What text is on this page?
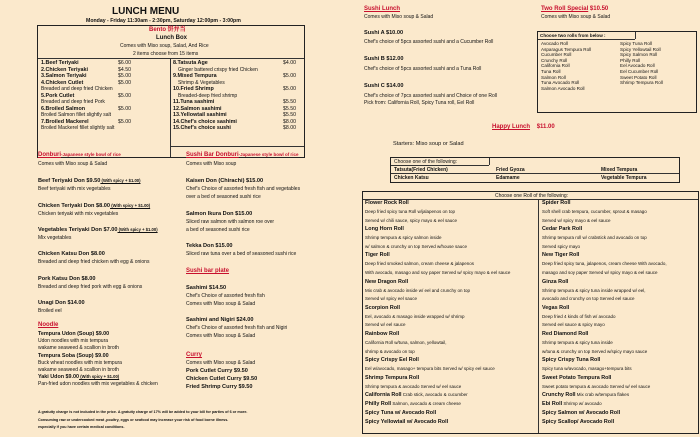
LUNCH MENU
Monday - Friday 11:30am - 2:30pm, Saturday 12:00pm - 3:00pm
Bento 饼弁当
Lunch Box
Comes with Miso soup, Salad, And Rice
2 items choose from 15 items
1.Beef Teriyaki	$6.00
2.Chicken Teriyaki	$4.50
3.Salmon Teriyaki	$5.00
4.Chicken Cutlet	$5.00
Breaded and deep fried Chicken
5.Pork Cutlet	$5.00
Breaded and deep fried Pork
6.Broiled Salmon	$5.00
Broiled Salmon fillet slightly salt
7.Broiled Mackerel	$5.00
Broiled Mackerel fillet slightly salt
8.Tatsuta Age	$4.00
Ginger battered crispy fried Chicken
9.Mixed Tempura	$5.00
Shrimp & Vegetables
10.Fried Shrimp	$5.00
Breaded-deep fried shrimp
11.Tuna sashimi	$5.50
12.Salmon sashimi	$5.50
13.Yellowtail sashimi	$5.50
14.Chef's choice sashimi	$8.00
15.Chef's choice sushi	$8.00
Donburi-Japanese style bowl of rice
Comes with Miso soup & Salad
Beef Teriyaki Don $9.50 (With spicy + $1.00)
Beef teriyaki with mix vegetables
Chicken Teriyaki Don $8.00 (With spicy + $1.00)
Chicken teriyaki with mix vegetables
Vegetables Teriyaki Don $7.00 (With spicy + $1.00)
Mix vegetables
Chicken Katsu Don $8.00
Breaded and deep fried chicken with egg & onions
Pork Katsu Don $8.00
Breaded and deep fried pork with egg & onions
Unagi Don $14.00
Broiled eel
Noodle
Tempura Udon (Soup) $9.00
Udon noodles with mix tempura
wakame seaweed & scallion in broth
Tempura Soba (Soup) $9.00
Buck wheat noodles with mix tempura
wakame seaweed & scallion in broth
Yaki Udon $9.00 (With spicy + $1.00)
Pan-fried udon noodles with mix vegetables & chicken
A gratuity charge is not included in the price. A gratuity charge of 17% will be added to your bill for parties of 6 or more.
Consuming raw or undercooked meat ,poultry, eggs or seafood may increase your risk of food borne illness.
especially if you have certain medical conditions.
Sushi Bar Donburi-Japanese style bowl of rice
Comes with Miso soup
Kaisen Don (Chirachi) $15.00
Chef's Choice of assorted fresh fish and vegetables
over a bed of seasoned sushi rice
Salmon Ikura Don $15.00
Sliced raw salmon with salmon roe over
a bed of seasoned sushi rice
Tekka Don $15.00
Sliced raw tuna over a bed of seasoned sushi rice
Sushi bar plate
Sashimi $14.50
Chef's Choice of assorted fresh fish
Comes with Miso soup & Salad
Sashimi and Nigiri $24.00
Chef's Choice of assorted fresh fish and Nigiri
Comes with Miso soup & Salad
Curry
Comes with Miso soup & Salad
Pork Cutlet Curry $9.50
Chicken Cutlet Curry $9.50
Fried Shrimp Curry $9.50
Sushi Lunch
Comes with Miso soup & Salad
Sushi A $10.00
Chef's choice of 5pcs assorted sushi and a Cucumber Roll
Sushi B $12.00
Chef's choice of 5pcs assorted sushi and a Tuna Roll
Sushi C $14.00
Chef's choice of 7pcs assorted sushi and Choice of one Roll
Pick from: California Roll, Spicy Tuna roll, Eel Roll
Two Roll Special $10.50
Comes with Miso soup & Salad
Choose two rolls from below :
Avocado Roll
Asparagus Tempura Roll
Cucumber Roll
Crunchy Roll
California Roll
Tuna Roll
Salmon Roll
Tuna Avocado Roll
Salmon Avocado Roll
Spicy Tuna Roll
Spicy Yellowtail Roll
Spicy Salmon Roll
Philly Roll
Eel Avocado Roll
Eel Cucumber Roll
Sweet Potato Roll
Shrimp Tempura Roll
Happy Lunch $11.00
Starters: Miso soup or Salad
Choose one of the following:
Tatsuta(Fried Chicken)	Fried Gyoza	Mixed Tempura
Chicken Katsu	Edamame	Vegetable Tempura
Choose one Roll of the following:
Flower Rock Roll
Deep fried spicy tuna Roll w/jalapenos on top
Served w/ chili sauce, spicy mayo & eel sauce
Long Horn Roll
Shrimp tempura & spicy salmon inside
w/ salmon & crunchy on top Served w/house sauce
Tiger Roll
Deep fried smoked salmon, cream cheese & jalapenos
With avocado, masago and soy paper Served w/ spicy mayo & eel sauce
New Dragon Roll
Mix crab & avocado inside w/ eel and crunchy on top
Served w/ spicy eel sauce
Scorpion Roll
Eel, avocado & masago inside wrapped w/ shrimp
Served w/ eel sauce
Rainbow Roll
California Roll w/tuna, salmon, yellowtail,
shrimp & avocado on top
Spicy Crispy Eel Roll
Eel w/avocado, masago+ tempura bits Served w/ spicy eel sauce
Shrimp Tempura Roll
Shrimp tempura & avocado Served w/ eel sauce
California Roll Crab stick, avocado & cucumber
Philly Roll Salmon, avocado & cream cheese
Spicy Tuna w/ Avocado Roll
Spicy Yellowtail w/ Avocado Roll
Spider Roll
Soft shell crab tempura, cucumber, sprout & masago
Served w/ spicy mayo & eel sauce
Cedar Park Roll
Shrimp tempura roll w/ crabstick and avocado on top
Served spicy mayo
New Tiger Roll
Deep fried spicy tuna, jalapenos, cream cheese With avocado,
masago and soy paper Served w/ spicy mayo & eel sauce
Ginza Roll
Shrimp tempura & spicy tuna inside wrapped w/ eel,
avocado and crunchy on top Served eel sauce
Vegas Roll
Deep fried 4 kinds of fish w/ avocado
Served eel sauce & spicy mayo
Red Diamond Roll
Shrimp tempura & spicy tuna inside
w/tuna & crunchy on top Served w/spicy mayo sauce
Spicy Crispy Tuna Roll
Spicy tuna w/avocado, masago+tempura bits
Sweet Potato Tempura Roll
Sweet potato tempura & avocado Served w/ eel sauce
Crunchy Roll Mix crab w/tempura flakes
Ebi Roll Shrimp w/ avocado
Spicy Salmon w/ Avocado Roll
Spicy Scallop/ Avocado Roll
